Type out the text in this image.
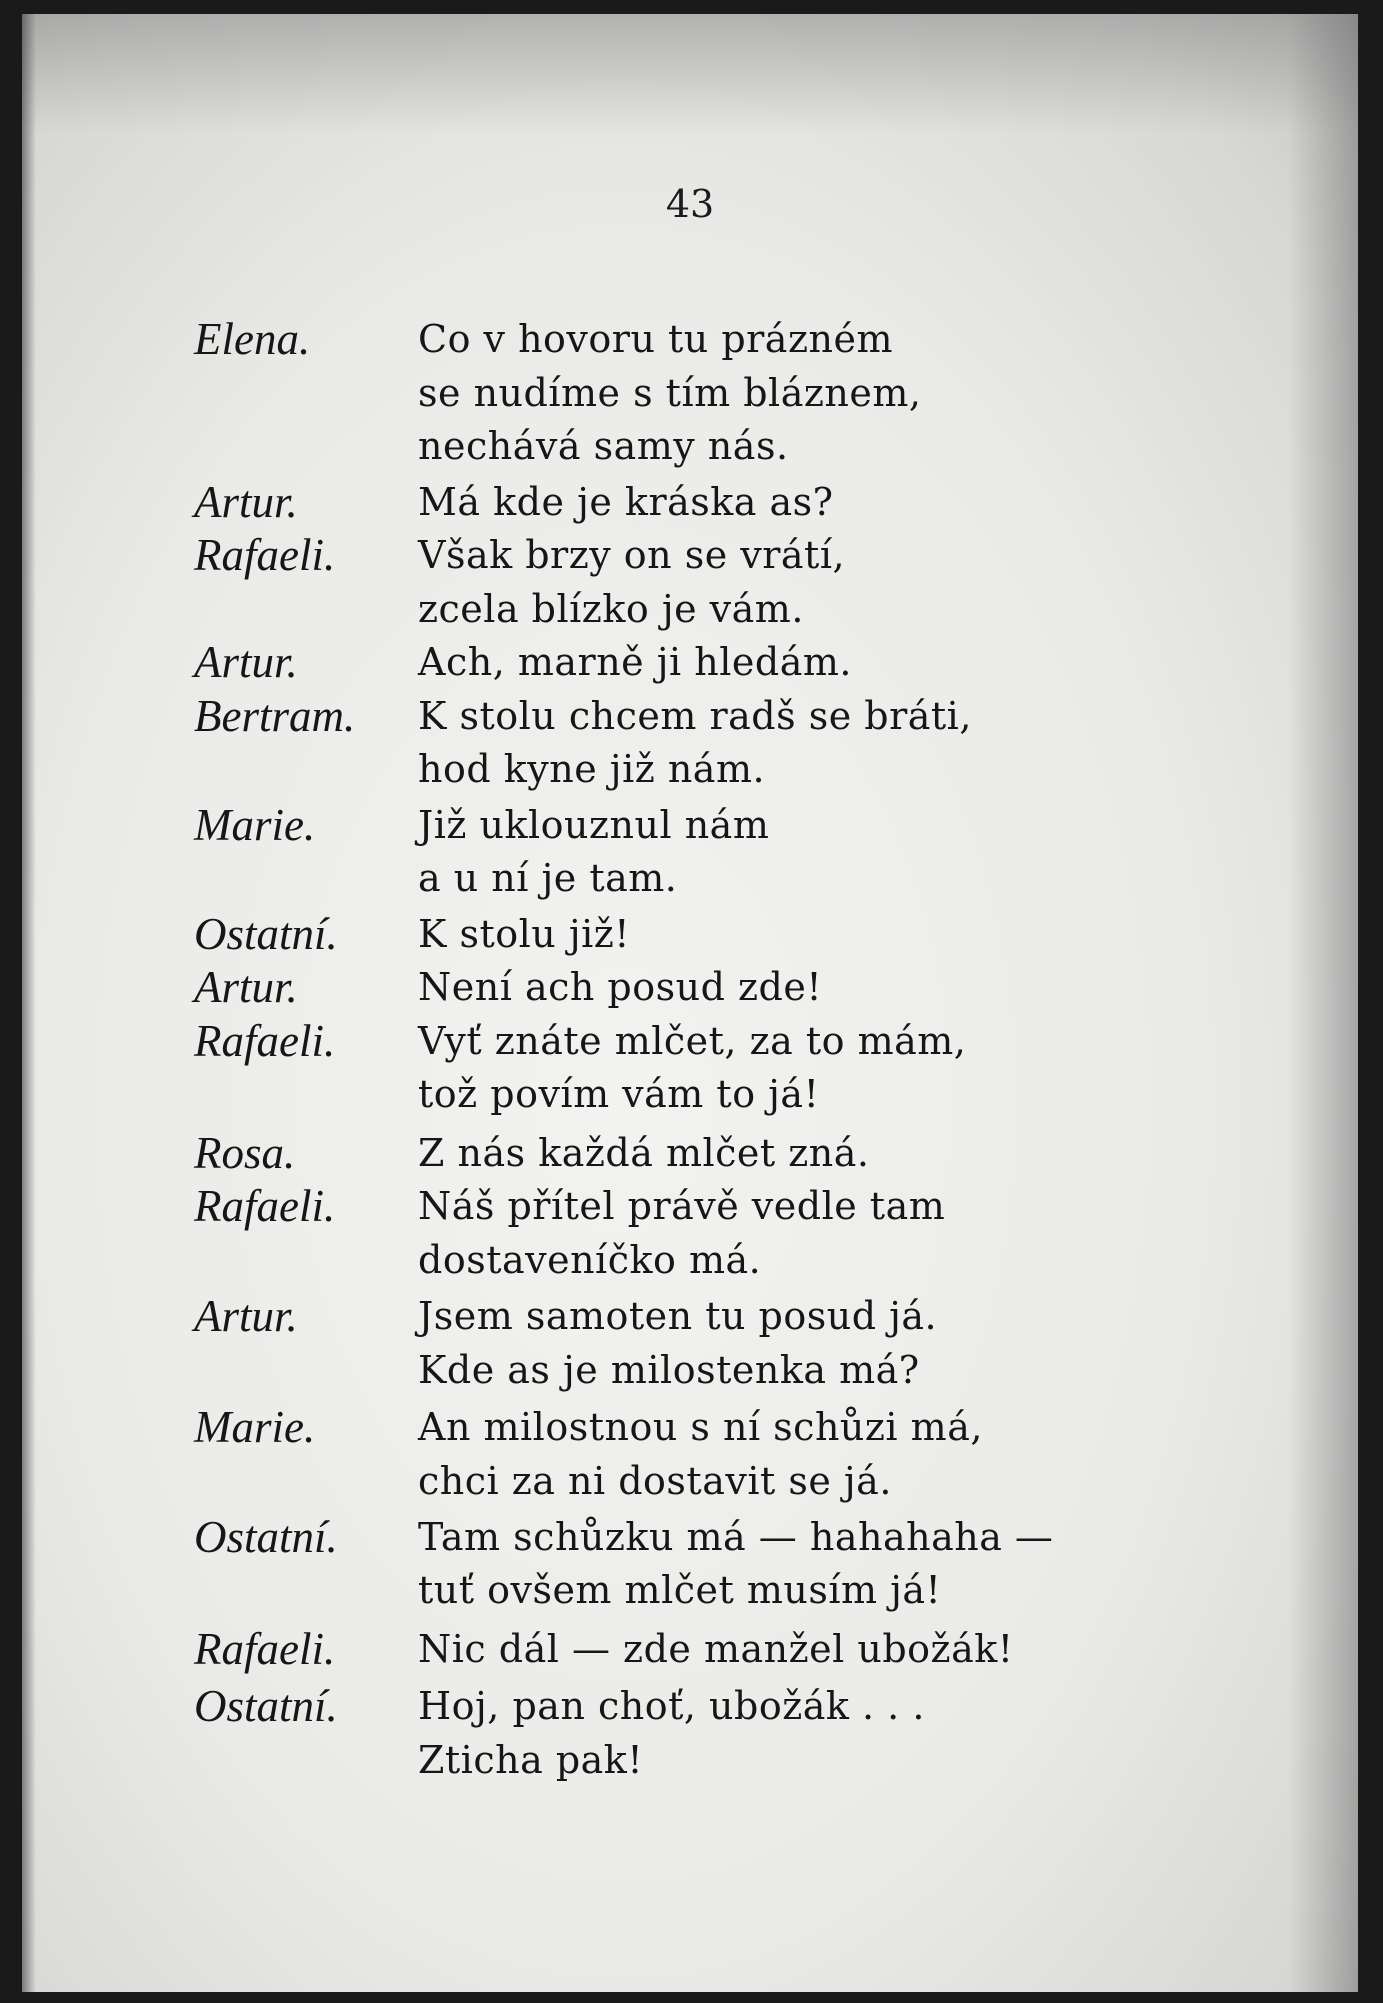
43
Elena.	Co v hovoru tu prázném
se nudíme s tím bláznem,
nechává samy nás.
Artur.	Má kde je kráska as?
Rafaeli. Však brzy on se vrátí,
zcela blízko je vám.
Artur.	Ach, marně ji hledám.
Bertram. K stolu chcem radš se bráti,
hod kyne již nám.
Marie.	Již uklouznul nám
a u ní je tam.
Ostatní. K stolu již!
Artur.	Není ach posud zde!
Rafaeli. Vyť znáte mlčet, za to mám,
tož povím vám to já!
Rosa.	Z nás každá mlčet zná.
Rafaeli. Náš přítel právě vedle tam
dostaveníčko má.
Artur.	Jsem samoten tu posud já.
Kde as je milostenka má?
Marie.	An milostnou s ní schůzi má,
chci za ni dostavit se já.
Ostatní. Tam schůzku má — hahahaha —
tuť ovšem mlčet musím já!
Rafaeli. Nic dál — zde manžel ubožák!
Ostatní. Hoj, pan choť, ubožák . . .
Zticha pak!
